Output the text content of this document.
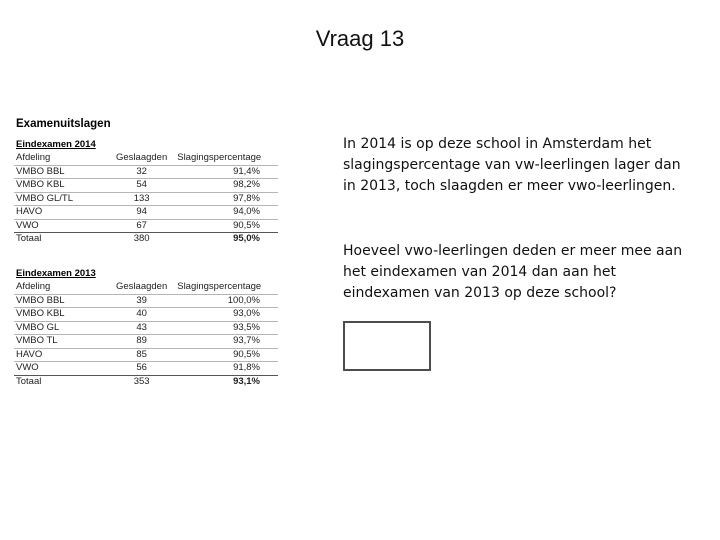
Vraag 13
Examenuitslagen
Eindexamen 2014
Afdeling	Geslaagden	Slagingspercentage
VMBO BBL	32	91,4%
VMBO KBL	54	98,2%
VMBO GL/TL	133	97,8%
HAVO	94	94,0%
VWO	67	90,5%
Totaal	380	95,0%
Eindexamen 2013
Afdeling	Geslaagden	Slagingspercentage
VMBO BBL	39	100,0%
VMBO KBL	40	93,0%
VMBO GL	43	93,5%
VMBO TL	89	93,7%
HAVO	85	90,5%
VWO	56	91,8%
Totaal	353	93,1%

In 2014 is op deze school in Amsterdam het slagingspercentage van vw-leerlingen lager dan in 2013, toch slaagden er meer vwo-leerlingen.

Hoeveel vwo-leerlingen deden er meer mee aan het eindexamen van 2014 dan aan het eindexamen van 2013 op deze school?
